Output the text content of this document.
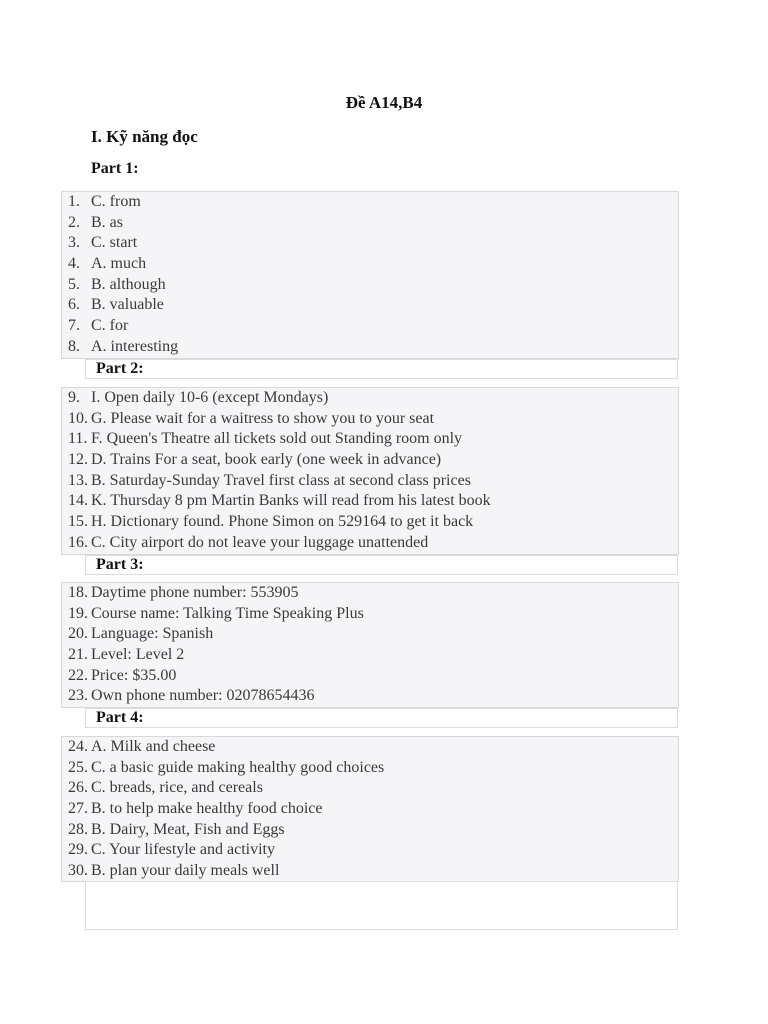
Đề A14,B4
I. Kỹ năng đọc
Part 1:
1. C. from
2. B. as
3. C. start
4. A. much
5. B. although
6. B. valuable
7. C. for
8. A. interesting
Part 2:
9. I. Open daily 10-6 (except Mondays)
10. G. Please wait for a waitress to show you to your seat
11. F. Queen's Theatre all tickets sold out Standing room only
12. D. Trains For a seat, book early (one week in advance)
13. B. Saturday-Sunday Travel first class at second class prices
14. K. Thursday 8 pm Martin Banks will read from his latest book
15. H. Dictionary found. Phone Simon on 529164 to get it back
16. C. City airport do not leave your luggage unattended
Part 3:
18. Daytime phone number: 553905
19. Course name: Talking Time Speaking Plus
20. Language: Spanish
21. Level: Level 2
22. Price: $35.00
23. Own phone number: 02078654436
Part 4:
24. A. Milk and cheese
25. C. a basic guide making healthy good choices
26. C. breads, rice, and cereals
27. B. to help make healthy food choice
28. B. Dairy, Meat, Fish and Eggs
29. C. Your lifestyle and activity
30. B. plan your daily meals well
